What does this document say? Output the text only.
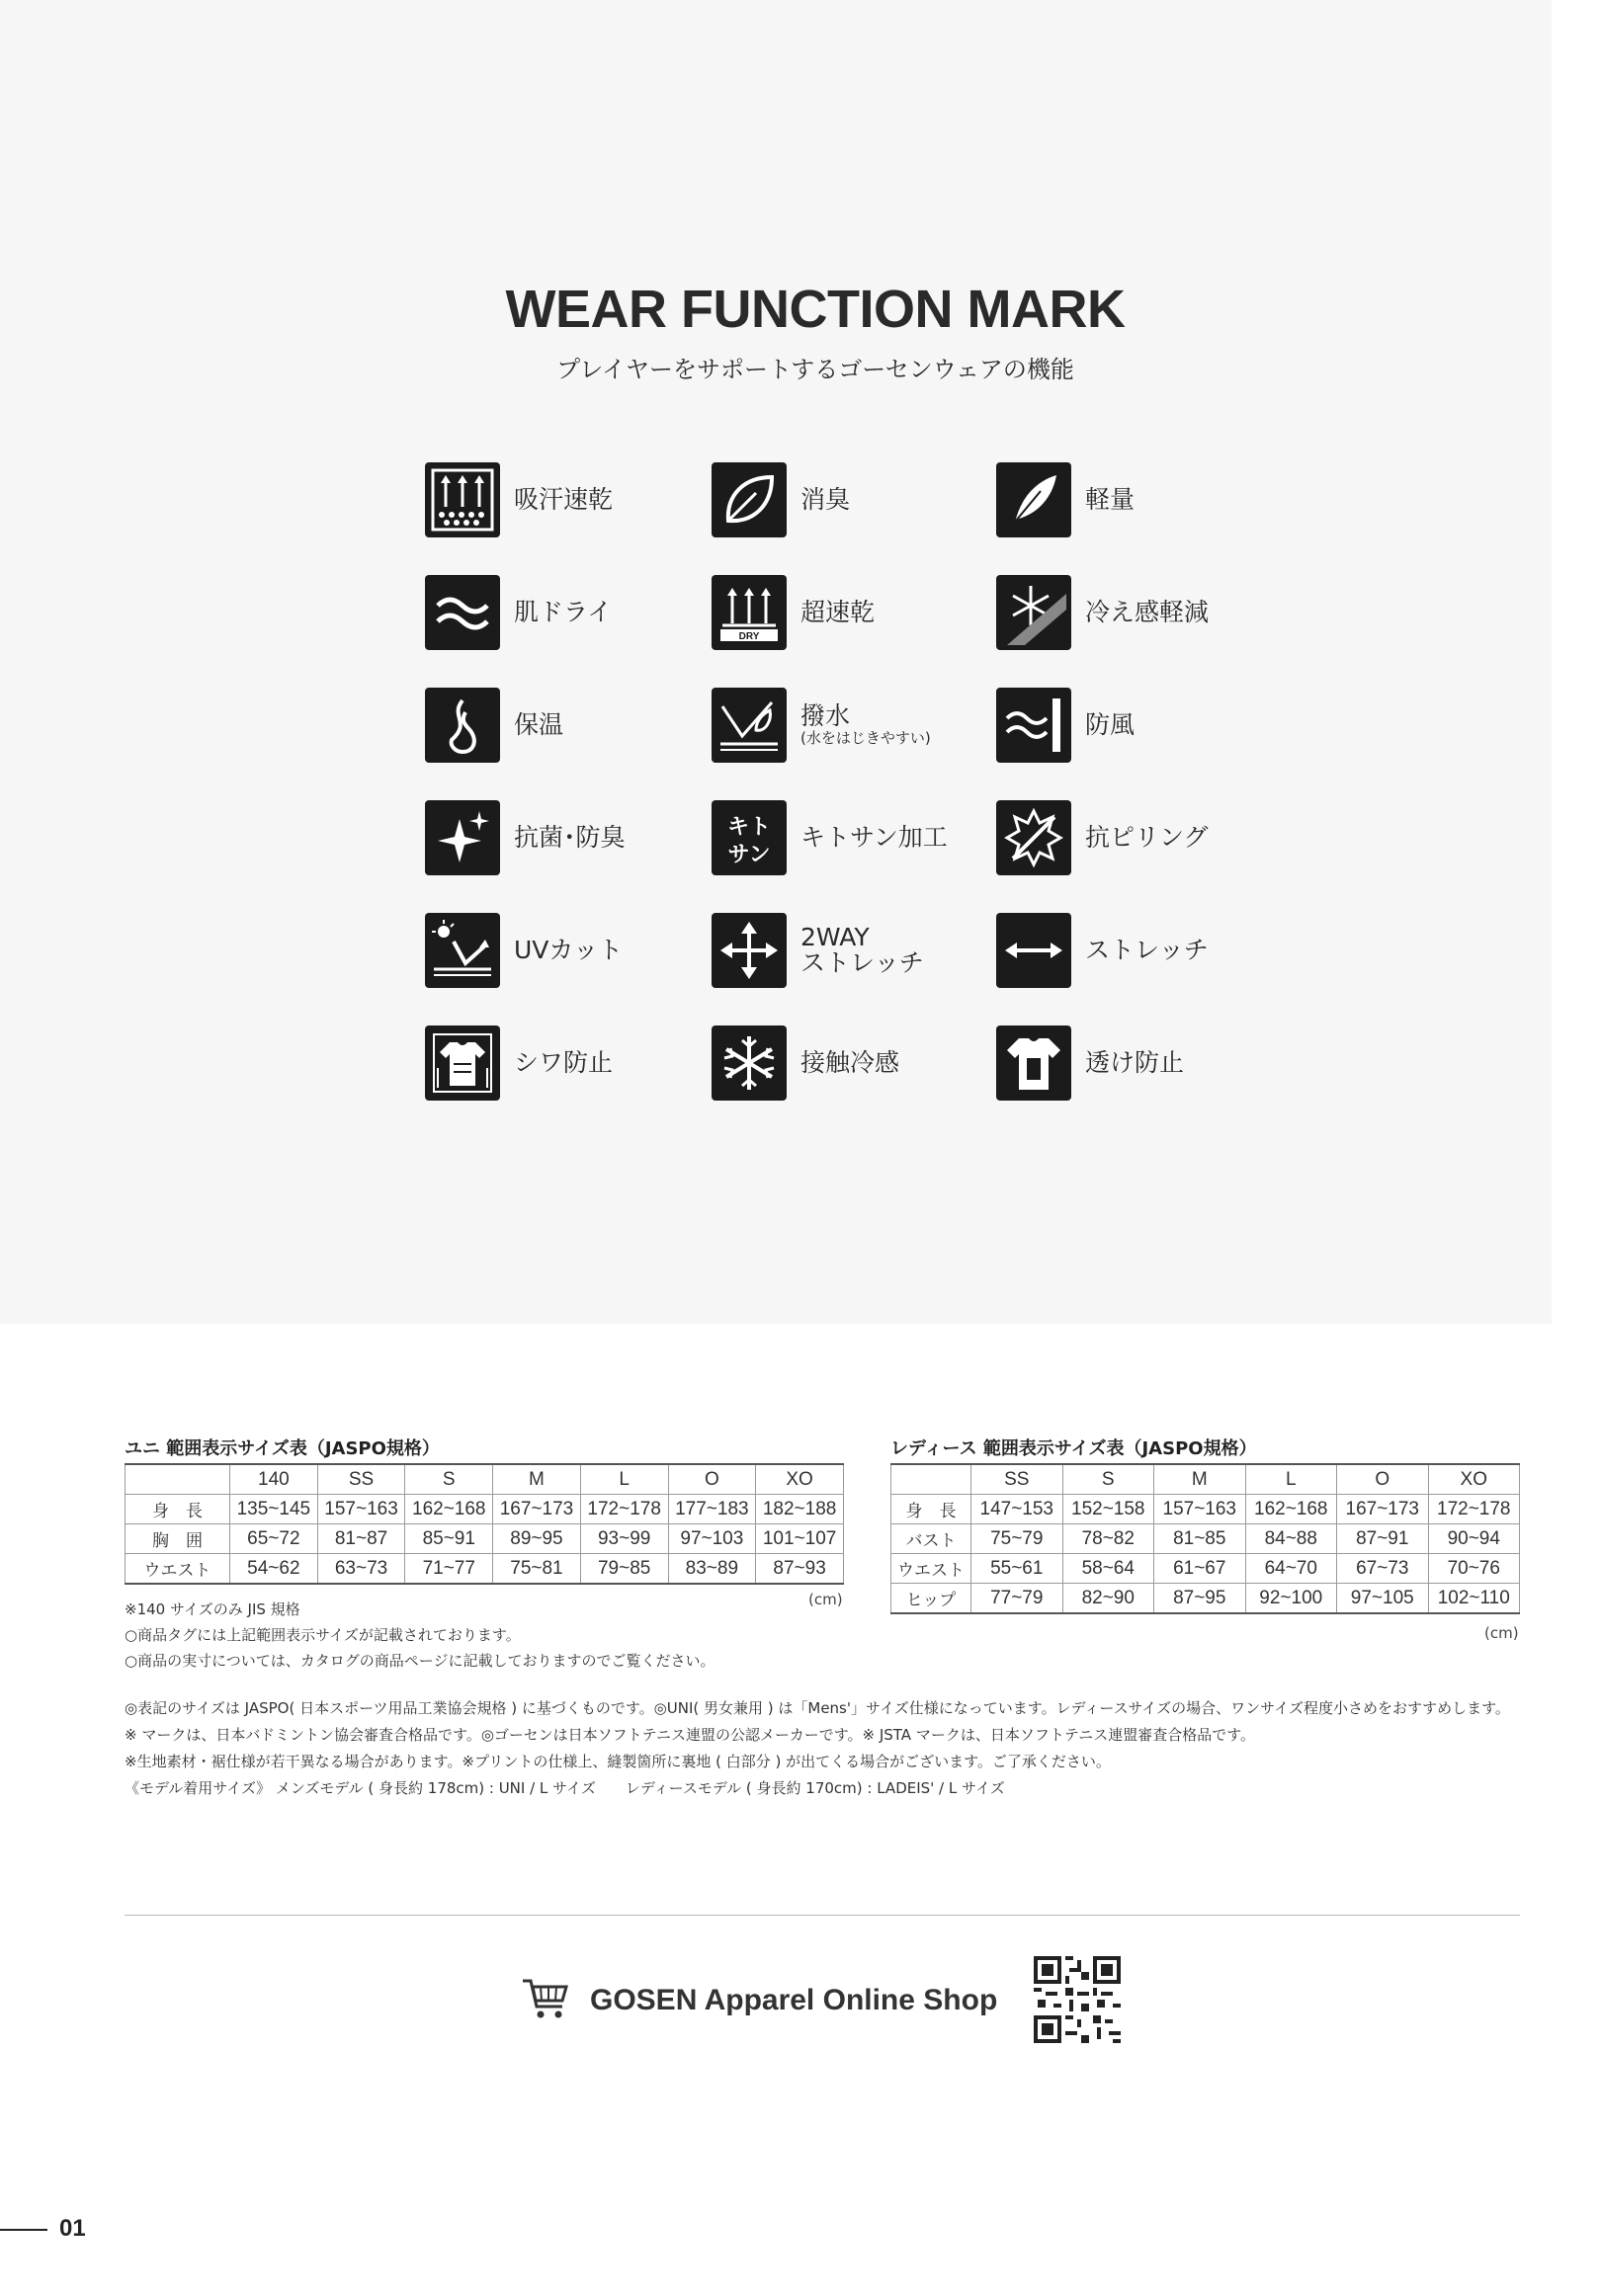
WEAR FUNCTION MARK
プレイヤーをサポートするゴーセンウェアの機能
吸汗速乾	消臭	軽量
肌ドライ
DRY
超速乾	冷え感軽減
保温	撥水
(水をはじきやすい)	防風
抗菌･防臭	キト
サン
キトサン加工	抗ピリング
UVカット	2WAY
ストレッチ	ストレッチ
シワ防止	接触冷感	透け防止
ユニ 範囲表示サイズ表（JASPO規格）
	140	SS	S	M	L	O	XO
身　長	135~145	157~163	162~168	167~173	172~178	177~183	182~188
胸　囲	65~72	81~87	85~91	89~95	93~99	97~103	101~107
ウエスト	54~62	63~73	71~77	75~81	79~85	83~89	87~93
(cm)
※140 サイズのみ JIS 規格
○商品タグには上記範囲表示サイズが記載されております。
○商品の実寸については、カタログの商品ページに記載しておりますのでご覧ください。
レディース 範囲表示サイズ表（JASPO規格）
	SS	S	M	L	O	XO
身　長	147~153	152~158	157~163	162~168	167~173	172~178
バスト	75~79	78~82	81~85	84~88	87~91	90~94
ウエスト	55~61	58~64	61~67	64~70	67~73	70~76
ヒップ	77~79	82~90	87~95	92~100	97~105	102~110
(cm)
◎表記のサイズは JASPO( 日本スポーツ用品工業協会規格 ) に基づくものです。◎UNI( 男女兼用 ) は「Mens'」サイズ仕様になっています。レディースサイズの場合、ワンサイズ程度小さめをおすすめします。
※ マークは、日本バドミントン協会審査合格品です。◎ゴーセンは日本ソフトテニス連盟の公認メーカーです。※ JSTA マークは、日本ソフトテニス連盟審査合格品です。
※生地素材・裾仕様が若干異なる場合があります。※プリントの仕様上、縫製箇所に裏地 ( 白部分 ) が出てくる場合がございます。ご了承ください。
《モデル着用サイズ》 メンズモデル ( 身長約 178cm) : UNI / L サイズ　　レディースモデル ( 身長約 170cm) : LADEIS' / L サイズ
GOSEN Apparel Online Shop
01
